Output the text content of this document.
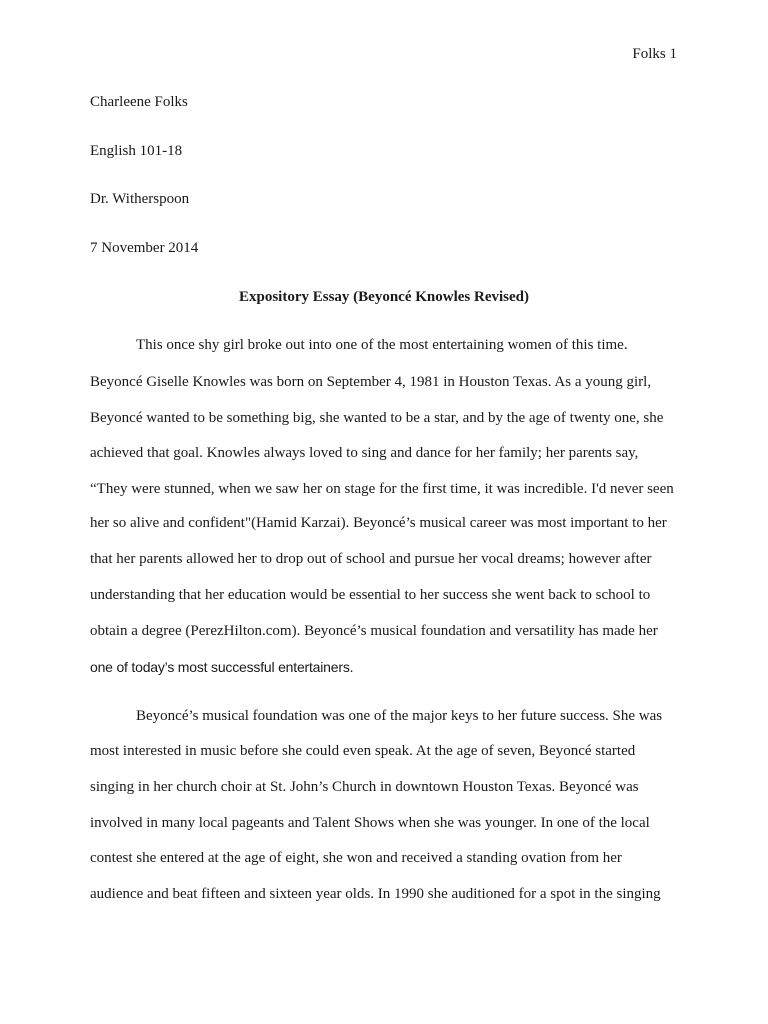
Folks 1
Charleene Folks
English 101-18
Dr. Witherspoon
7 November 2014
Expository Essay (Beyoncé Knowles Revised)
This once shy girl broke out into one of the most entertaining women of this time.
Beyoncé Giselle Knowles was born on September 4, 1981 in Houston Texas. As a young girl,
Beyoncé wanted to be something big, she wanted to be a star, and by the age of twenty one, she
achieved that goal. Knowles always loved to sing and dance for her family; her parents say,
“They were stunned, when we saw her on stage for the first time, it was incredible. I'd never seen
her so alive and confident"(Hamid Karzai). Beyoncé’s musical career was most important to her
that her parents allowed her to drop out of school and pursue her vocal dreams; however after
understanding that her education would be essential to her success she went back to school to
obtain a degree (PerezHilton.com). Beyoncé’s musical foundation and versatility has made her
one of today’s most successful entertainers.
Beyoncé’s musical foundation was one of the major keys to her future success. She was
most interested in music before she could even speak. At the age of seven, Beyoncé started
singing in her church choir at St. John’s Church in downtown Houston Texas. Beyoncé was
involved in many local pageants and Talent Shows when she was younger. In one of the local
contest she entered at the age of eight, she won and received a standing ovation from her
audience and beat fifteen and sixteen year olds. In 1990 she auditioned for a spot in the singing
